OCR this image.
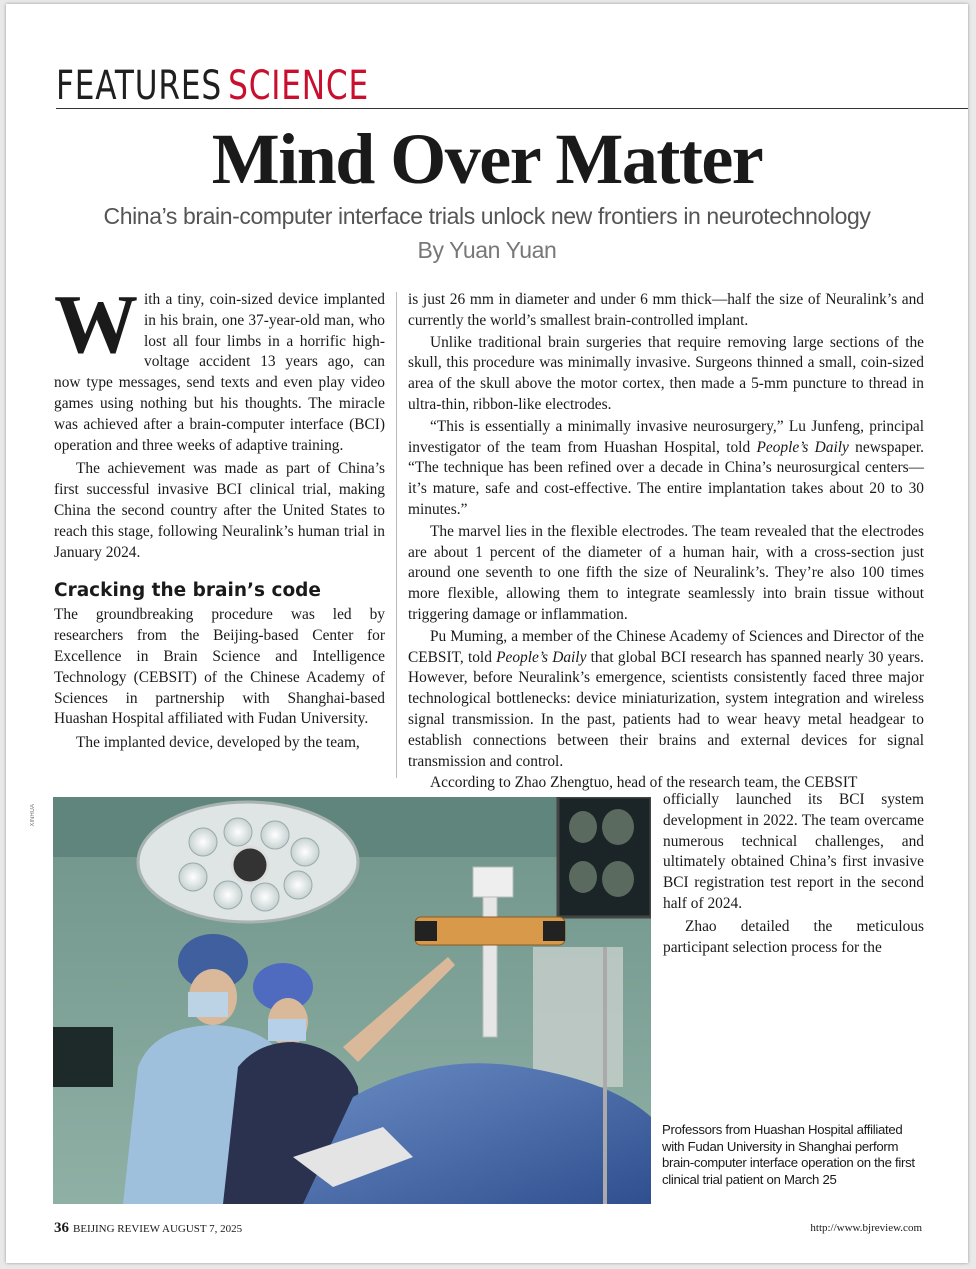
FEATURES SCIENCE
Mind Over Matter
China’s brain-computer interface trials unlock new frontiers in neurotechnology
By Yuan Yuan

With a tiny, coin-sized device implanted in his brain, one 37-year-old man, who lost all four limbs in a horrific high-voltage accident 13 years ago, can now type messages, send texts and even play video games using nothing but his thoughts. The miracle was achieved after a brain-computer interface (BCI) operation and three weeks of adaptive training.

The achievement was made as part of China’s first successful invasive BCI clinical trial, making China the second country after the United States to reach this stage, following Neuralink’s human trial in January 2024.

Cracking the brain’s code

The groundbreaking procedure was led by researchers from the Beijing-based Center for Excellence in Brain Science and Intelligence Technology (CEBSIT) of the Chinese Academy of Sciences in partnership with Shanghai-based Huashan Hospital affiliated with Fudan University.

The implanted device, developed by the team,

is just 26 mm in diameter and under 6 mm thick—half the size of Neuralink’s and currently the world’s smallest brain-controlled implant.

Unlike traditional brain surgeries that require removing large sections of the skull, this procedure was minimally invasive. Surgeons thinned a small, coin-sized area of the skull above the motor cortex, then made a 5-mm puncture to thread in ultra-thin, ribbon-like electrodes.

“This is essentially a minimally invasive neurosurgery,” Lu Junfeng, principal investigator of the team from Huashan Hospital, told People’s Daily newspaper. “The technique has been refined over a decade in China’s neurosurgical centers—it’s mature, safe and cost-effective. The entire implantation takes about 20 to 30 minutes.”

The marvel lies in the flexible electrodes. The team revealed that the electrodes are about 1 percent of the diameter of a human hair, with a cross-section just around one seventh to one fifth the size of Neuralink’s. They’re also 100 times more flexible, allowing them to integrate seamlessly into brain tissue without triggering damage or inflammation.

Pu Muming, a member of the Chinese Academy of Sciences and Director of the CEBSIT, told People’s Daily that global BCI research has spanned nearly 30 years. However, before Neuralink’s emergence, scientists consistently faced three major technological bottlenecks: device miniaturization, system integration and wireless signal transmission. In the past, patients had to wear heavy metal headgear to establish connections between their brains and external devices for signal transmission and control.

According to Zhao Zhengtuo, head of the research team, the CEBSIT

officially launched its BCI system development in 2022. The team overcame numerous technical challenges, and ultimately obtained China’s first invasive BCI registration test report in the second half of 2024.

Zhao detailed the meticulous participant selection process for the

XINHUA
Professors from Huashan Hospital affiliated with Fudan University in Shanghai perform brain-computer interface operation on the first clinical trial patient on March 25
36 BEIJING REVIEW AUGUST 7, 2025	http://www.bjreview.com
